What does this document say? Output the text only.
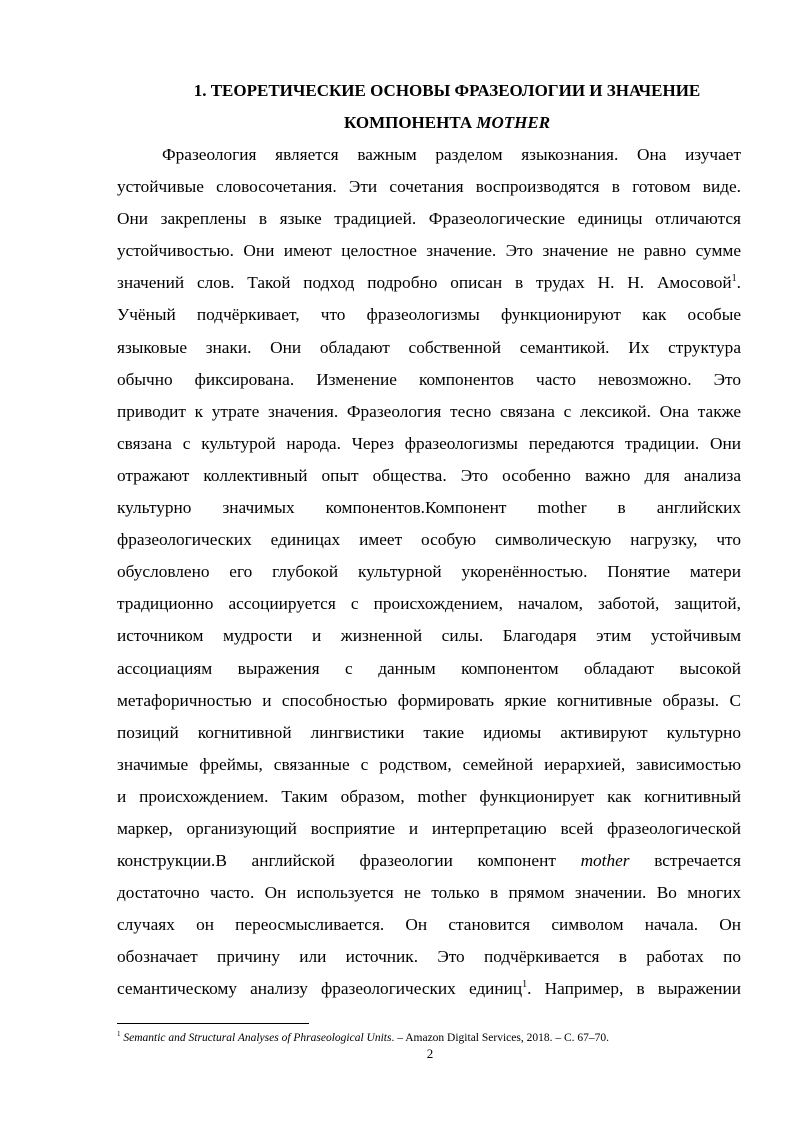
1. ТЕОРЕТИЧЕСКИЕ ОСНОВЫ ФРАЗЕОЛОГИИ И ЗНАЧЕНИЕ
КОМПОНЕНТА MOTHER
Фразеология является важным разделом языкознания. Она изучает
устойчивые словосочетания. Эти сочетания воспроизводятся в готовом виде.
Они закреплены в языке традицией. Фразеологические единицы отличаются
устойчивостью. Они имеют целостное значение. Это значение не равно сумме
значений слов. Такой подход подробно описан в трудах Н. Н. Амосовой$^1$.
Учёный подчёркивает, что фразеологизмы функционируют как особые
языковые знаки. Они обладают собственной семантикой. Их структура
обычно фиксирована. Изменение компонентов часто невозможно. Это
приводит к утрате значения. Фразеология тесно связана с лексикой. Она также
связана с культурой народа. Через фразеологизмы передаются традиции. Они
отражают коллективный опыт общества. Это особенно важно для анализа
культурно значимых компонентов.Компонент mother в английских
фразеологических единицах имеет особую символическую нагрузку, что
обусловлено его глубокой культурной укоренённостью. Понятие матери
традиционно ассоциируется с происхождением, началом, заботой, защитой,
источником мудрости и жизненной силы. Благодаря этим устойчивым
ассоциациям выражения с данным компонентом обладают высокой
метафоричностью и способностью формировать яркие когнитивные образы. С
позиций когнитивной лингвистики такие идиомы активируют культурно
значимые фреймы, связанные с родством, семейной иерархией, зависимостью
и происхождением. Таким образом, mother функционирует как когнитивный
маркер, организующий восприятие и интерпретацию всей фразеологической
конструкции.В английской фразеологии компонент mother встречается
достаточно часто. Он используется не только в прямом значении. Во многих
случаях он переосмысливается. Он становится символом начала. Он
обозначает причину или источник. Это подчёркивается в работах по
семантическому анализу фразеологических единиц$^1$. Например, в выражении
$^1$ Semantic and Structural Analyses of Phraseological Units. – Amazon Digital Services, 2018. – С. 67–70.
2
